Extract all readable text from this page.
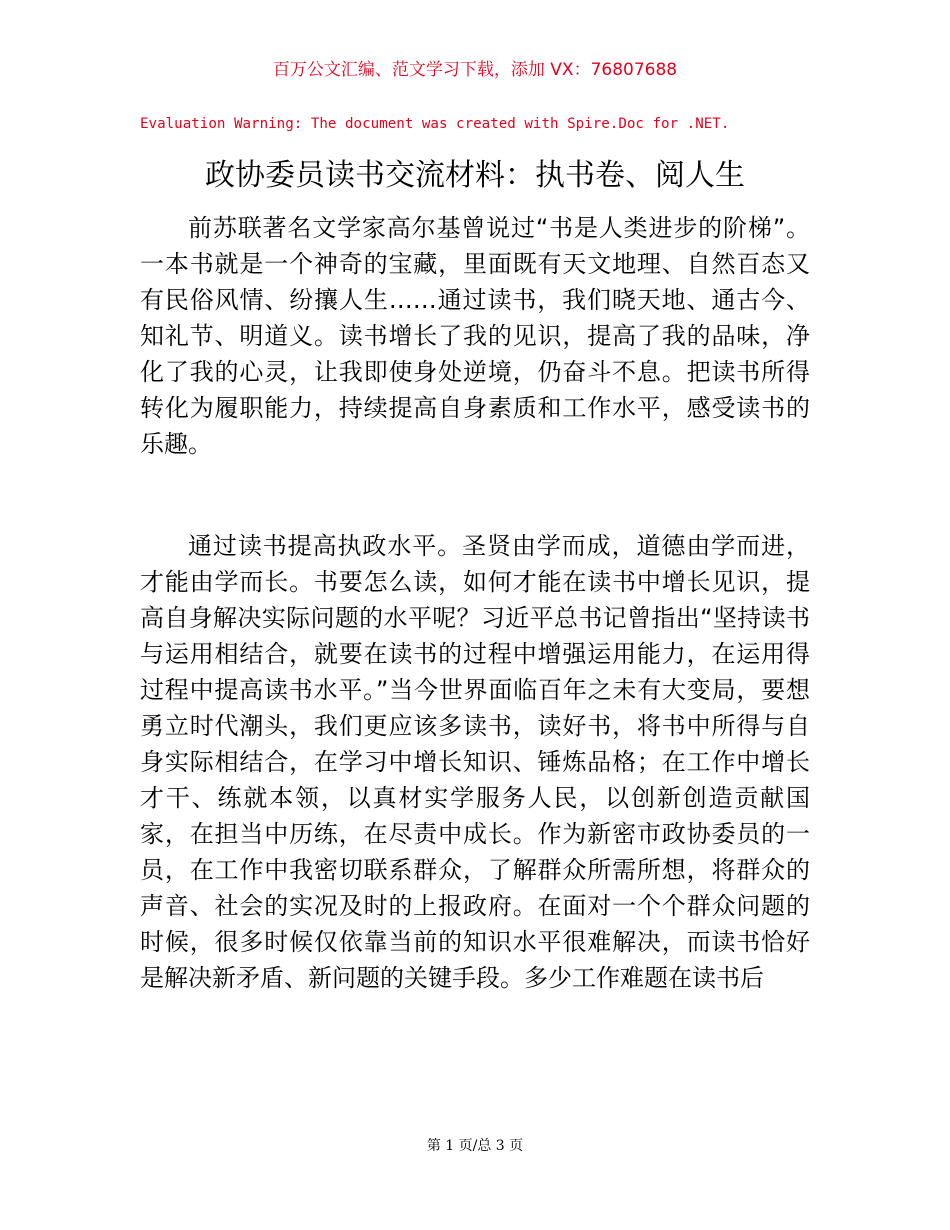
百万公文汇编、范文学习下载，添加 VX：76807688
Evaluation Warning: The document was created with Spire.Doc for .NET.
政协委员读书交流材料：执书卷、阅人生

前苏联著名文学家高尔基曾说过“书是人类进步的阶梯”。一本书就是一个神奇的宝藏，里面既有天文地理、自然百态又有民俗风情、纷攘人生……通过读书，我们晓天地、通古今、知礼节、明道义。读书增长了我的见识，提高了我的品味，净化了我的心灵，让我即使身处逆境，仍奋斗不息。把读书所得转化为履职能力，持续提高自身素质和工作水平，感受读书的乐趣。

通过读书提高执政水平。圣贤由学而成，道德由学而进，才能由学而长。书要怎么读，如何才能在读书中增长见识，提高自身解决实际问题的水平呢？习近平总书记曾指出“坚持读书与运用相结合，就要在读书的过程中增强运用能力，在运用得过程中提高读书水平。”当今世界面临百年之未有大变局，要想勇立时代潮头，我们更应该多读书，读好书，将书中所得与自身实际相结合，在学习中增长知识、锤炼品格；在工作中增长才干、练就本领，以真材实学服务人民，以创新创造贡献国家，在担当中历练，在尽责中成长。作为新密市政协委员的一员，在工作中我密切联系群众，了解群众所需所想，将群众的声音、社会的实况及时的上报政府。在面对一个个群众问题的时候，很多时候仅依靠当前的知识水平很难解决，而读书恰好是解决新矛盾、新问题的关键手段。多少工作难题在读书后

第 1 页/总 3 页
